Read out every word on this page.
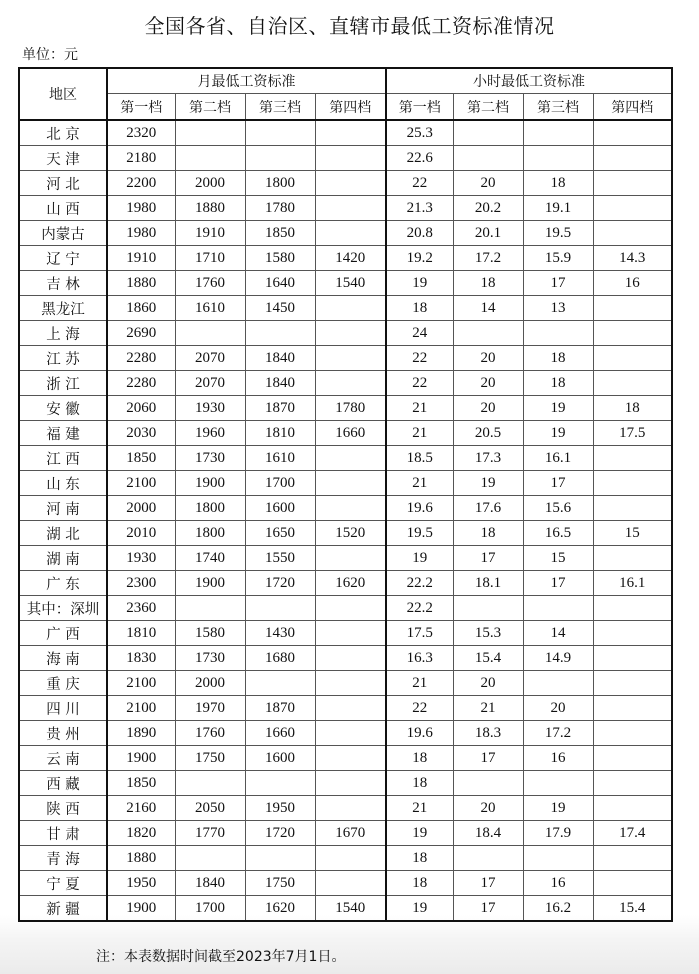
全国各省、自治区、直辖市最低工资标准情况
单位：元
地区	月最低工资标准				小时最低工资标准			
	第一档	第二档	第三档	第四档	第一档	第二档	第三档	第四档
北 京	2320				25.3			
天 津	2180				22.6			
河 北	2200	2000	1800		22	20	18	
山 西	1980	1880	1780		21.3	20.2	19.1	
内蒙古	1980	1910	1850		20.8	20.1	19.5	
辽 宁	1910	1710	1580	1420	19.2	17.2	15.9	14.3
吉 林	1880	1760	1640	1540	19	18	17	16
黑龙江	1860	1610	1450		18	14	13	
上 海	2690				24			
江 苏	2280	2070	1840		22	20	18	
浙 江	2280	2070	1840		22	20	18	
安 徽	2060	1930	1870	1780	21	20	19	18
福 建	2030	1960	1810	1660	21	20.5	19	17.5
江 西	1850	1730	1610		18.5	17.3	16.1	
山 东	2100	1900	1700		21	19	17	
河 南	2000	1800	1600		19.6	17.6	15.6	
湖 北	2010	1800	1650	1520	19.5	18	16.5	15
湖 南	1930	1740	1550		19	17	15	
广 东	2300	1900	1720	1620	22.2	18.1	17	16.1
其中：深圳	2360				22.2			
广 西	1810	1580	1430		17.5	15.3	14	
海 南	1830	1730	1680		16.3	15.4	14.9	
重 庆	2100	2000			21	20		
四 川	2100	1970	1870		22	21	20	
贵 州	1890	1760	1660		19.6	18.3	17.2	
云 南	1900	1750	1600		18	17	16	
西 藏	1850				18			
陕 西	2160	2050	1950		21	20	19	
甘 肃	1820	1770	1720	1670	19	18.4	17.9	17.4
青 海	1880				18			
宁 夏	1950	1840	1750		18	17	16	
新 疆	1900	1700	1620	1540	19	17	16.2	15.4
注：本表数据时间截至2023年7月1日。
